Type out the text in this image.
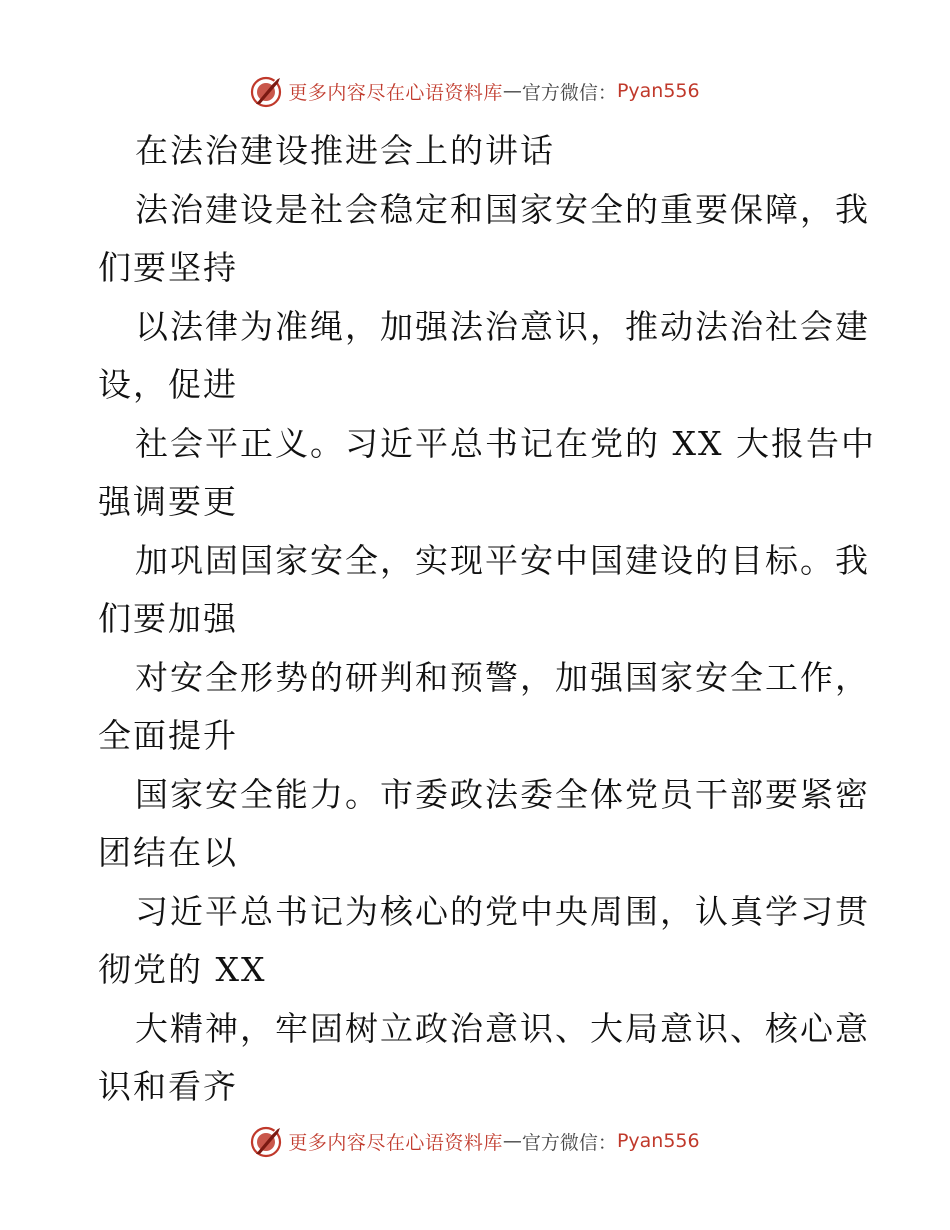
更多内容尽在心语资料库 — 官方微信： Pyan556
在法治建设推进会上的讲话
法治建设是社会稳定和国家安全的重要保障，我
们要坚持
以法律为准绳，加强法治意识，推动法治社会建
设，促进
社会平正义。习近平总书记在党的 XX 大报告中
强调要更
加巩固国家安全，实现平安中国建设的目标。我
们要加强
对安全形势的研判和预警，加强国家安全工作，
全面提升
国家安全能力。市委政法委全体党员干部要紧密
团结在以
习近平总书记为核心的党中央周围，认真学习贯
彻党的 XX
大精神，牢固树立政治意识、大局意识、核心意
识和看齐
更多内容尽在心语资料库 — 官方微信： Pyan556
